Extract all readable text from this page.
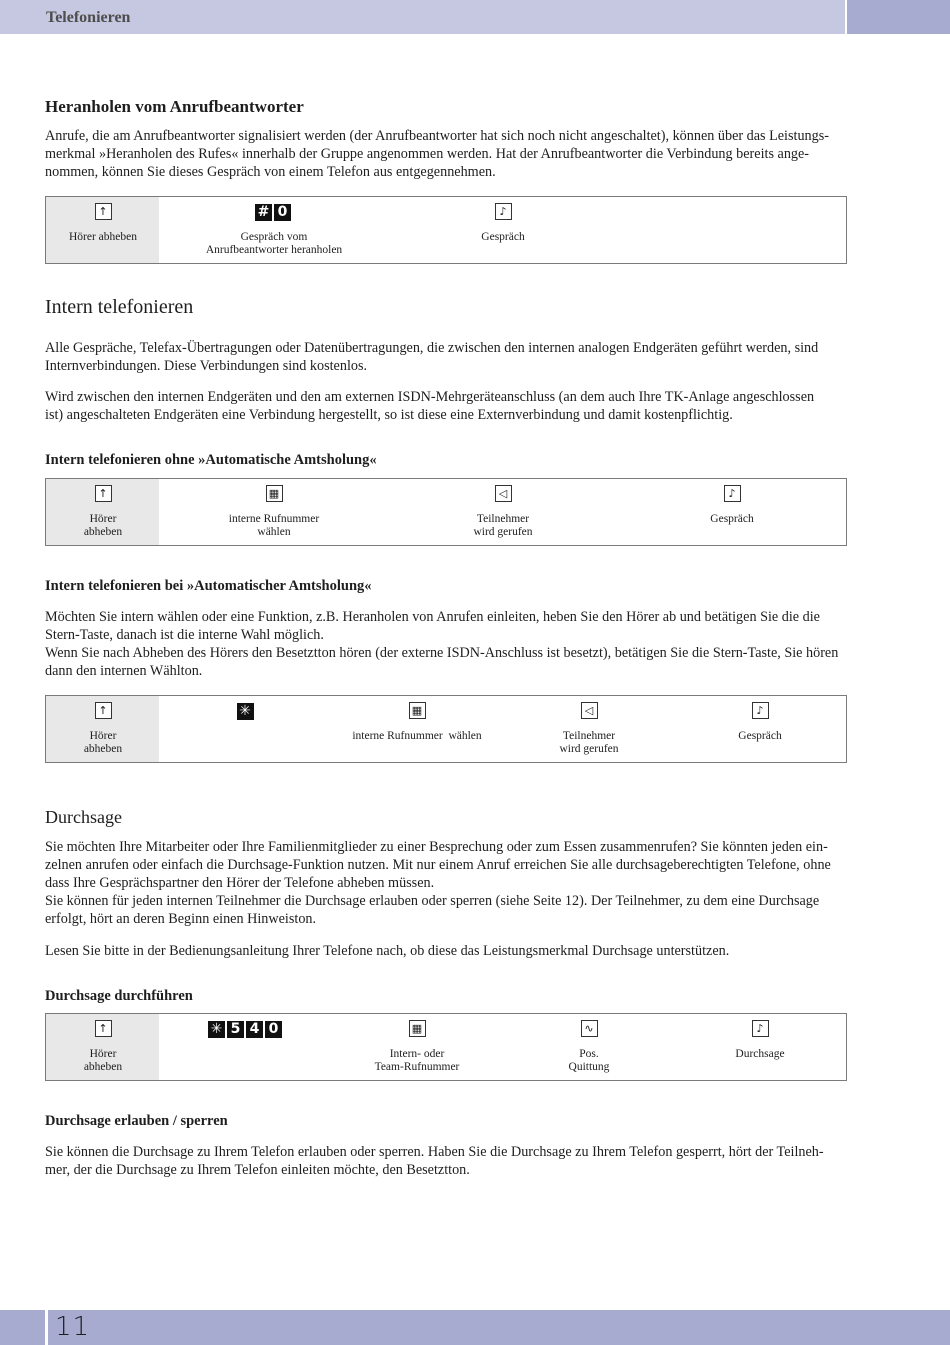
Telefonieren
Heranholen vom Anrufbeantworter
Anrufe, die am Anrufbeantworter signalisiert werden (der Anrufbeantworter hat sich noch nicht angeschaltet), können über das Leistungs-
merkmal »Heranholen des Rufes« innerhalb der Gruppe angenommen werden. Hat der Anrufbeantworter die Verbindung bereits ange-
nommen, können Sie dieses Gespräch von einem Telefon aus entgegennehmen.
↑
Hörer abheben
# 0
Gespräch vom
Anrufbeantworter heranholen
♪
Gespräch
Intern telefonieren
Alle Gespräche, Telefax-Übertragungen oder Datenübertragungen, die zwischen den internen analogen Endgeräten geführt werden, sind
Internverbindungen. Diese Verbindungen sind kostenlos.
Wird zwischen den internen Endgeräten und den am externen ISDN-Mehrgeräteanschluss (an dem auch Ihre TK-Anlage angeschlossen
ist) angeschalteten Endgeräten eine Verbindung hergestellt, so ist diese eine Externverbindung und damit kostenpflichtig.
Intern telefonieren ohne »Automatische Amtsholung«
↑
Hörer
abheben
▦
interne Rufnummer
wählen
◁
Teilnehmer
wird gerufen
♪
Gespräch
Intern telefonieren bei »Automatischer Amtsholung«
Möchten Sie intern wählen oder eine Funktion, z.B. Heranholen von Anrufen einleiten, heben Sie den Hörer ab und betätigen Sie die die
Stern-Taste, danach ist die interne Wahl möglich.
Wenn Sie nach Abheben des Hörers den Besetztton hören (der externe ISDN-Anschluss ist besetzt), betätigen Sie die Stern-Taste, Sie hören
dann den internen Wählton.
↑
Hörer
abheben
✳	▦
interne Rufnummer  wählen
◁
Teilnehmer
wird gerufen
♪
Gespräch
Durchsage
Sie möchten Ihre Mitarbeiter oder Ihre Familienmitglieder zu einer Besprechung oder zum Essen zusammenrufen? Sie könnten jeden ein-
zelnen anrufen oder einfach die Durchsage-Funktion nutzen. Mit nur einem Anruf erreichen Sie alle durchsageberechtigten Telefone, ohne
dass Ihre Gesprächspartner den Hörer der Telefone abheben müssen.
Sie können für jeden internen Teilnehmer die Durchsage erlauben oder sperren (siehe Seite 12). Der Teilnehmer, zu dem eine Durchsage
erfolgt, hört an deren Beginn einen Hinweiston.
Lesen Sie bitte in der Bedienungsanleitung Ihrer Telefone nach, ob diese das Leistungsmerkmal Durchsage unterstützen.
Durchsage durchführen
↑
Hörer
abheben
✳ 5 4 0	▦
Intern- oder
Team-Rufnummer
∿
Pos.
Quittung
♪
Durchsage
Durchsage erlauben / sperren
Sie können die Durchsage zu Ihrem Telefon erlauben oder sperren. Haben Sie die Durchsage zu Ihrem Telefon gesperrt, hört der Teilneh-
mer, der die Durchsage zu Ihrem Telefon einleiten möchte, den Besetztton.
11
